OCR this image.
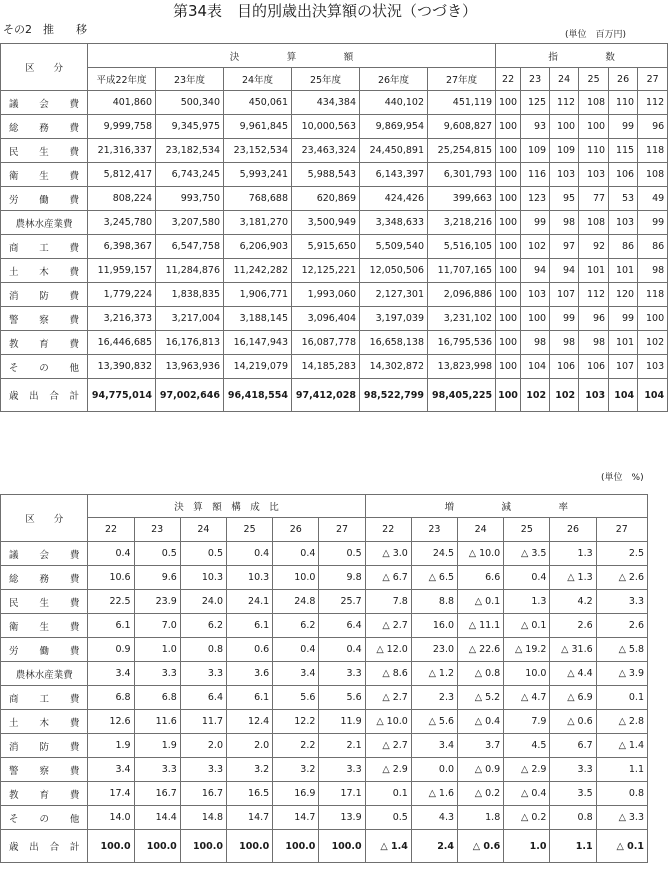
第34表　目的別歳出決算額の状況（つづき）
その2　推　　移	(単位　百万円)
区　　分	決　　　　　算　　　　　額						指　　　　　数					
	平成22年度	23年度	24年度	25年度	26年度	27年度	22	23	24	25	26	27
議会費	401,860	500,340	450,061	434,384	440,102	451,119	100	125	112	108	110	112
総務費	9,999,758	9,345,975	9,961,845	10,000,563	9,869,954	9,608,827	100	93	100	100	99	96
民生費	21,316,337	23,182,534	23,152,534	23,463,324	24,450,891	25,254,815	100	109	109	110	115	118
衛生費	5,812,417	6,743,245	5,993,241	5,988,543	6,143,397	6,301,793	100	116	103	103	106	108
労働費	808,224	993,750	768,688	620,869	424,426	399,663	100	123	95	77	53	49
農林水産業費	3,245,780	3,207,580	3,181,270	3,500,949	3,348,633	3,218,216	100	99	98	108	103	99
商工費	6,398,367	6,547,758	6,206,903	5,915,650	5,509,540	5,516,105	100	102	97	92	86	86
土木費	11,959,157	11,284,876	11,242,282	12,125,221	12,050,506	11,707,165	100	94	94	101	101	98
消防費	1,779,224	1,838,835	1,906,771	1,993,060	2,127,301	2,096,886	100	103	107	112	120	118
警察費	3,216,373	3,217,004	3,188,145	3,096,404	3,197,039	3,231,102	100	100	99	96	99	100
教育費	16,446,685	16,176,813	16,147,943	16,087,778	16,658,138	16,795,536	100	98	98	98	101	102
その他	13,390,832	13,963,936	14,219,079	14,185,283	14,302,872	13,823,998	100	104	106	106	107	103
歳出合計	94,775,014	97,002,646	96,418,554	97,412,028	98,522,799	98,405,225	100	102	102	103	104	104
(単位　%)
区　　分	決　算　額　構　成　比						増　　　　　減　　　　　率					
	22	23	24	25	26	27	22	23	24	25	26	27
議会費	0.4	0.5	0.5	0.4	0.4	0.5	△ 3.0	24.5	△ 10.0	△ 3.5	1.3	2.5
総務費	10.6	9.6	10.3	10.3	10.0	9.8	△ 6.7	△ 6.5	6.6	0.4	△ 1.3	△ 2.6
民生費	22.5	23.9	24.0	24.1	24.8	25.7	7.8	8.8	△ 0.1	1.3	4.2	3.3
衛生費	6.1	7.0	6.2	6.1	6.2	6.4	△ 2.7	16.0	△ 11.1	△ 0.1	2.6	2.6
労働費	0.9	1.0	0.8	0.6	0.4	0.4	△ 12.0	23.0	△ 22.6	△ 19.2	△ 31.6	△ 5.8
農林水産業費	3.4	3.3	3.3	3.6	3.4	3.3	△ 8.6	△ 1.2	△ 0.8	10.0	△ 4.4	△ 3.9
商工費	6.8	6.8	6.4	6.1	5.6	5.6	△ 2.7	2.3	△ 5.2	△ 4.7	△ 6.9	0.1
土木費	12.6	11.6	11.7	12.4	12.2	11.9	△ 10.0	△ 5.6	△ 0.4	7.9	△ 0.6	△ 2.8
消防費	1.9	1.9	2.0	2.0	2.2	2.1	△ 2.7	3.4	3.7	4.5	6.7	△ 1.4
警察費	3.4	3.3	3.3	3.2	3.2	3.3	△ 2.9	0.0	△ 0.9	△ 2.9	3.3	1.1
教育費	17.4	16.7	16.7	16.5	16.9	17.1	0.1	△ 1.6	△ 0.2	△ 0.4	3.5	0.8
その他	14.0	14.4	14.8	14.7	14.7	13.9	0.5	4.3	1.8	△ 0.2	0.8	△ 3.3
歳出合計	100.0	100.0	100.0	100.0	100.0	100.0	△ 1.4	2.4	△ 0.6	1.0	1.1	△ 0.1
